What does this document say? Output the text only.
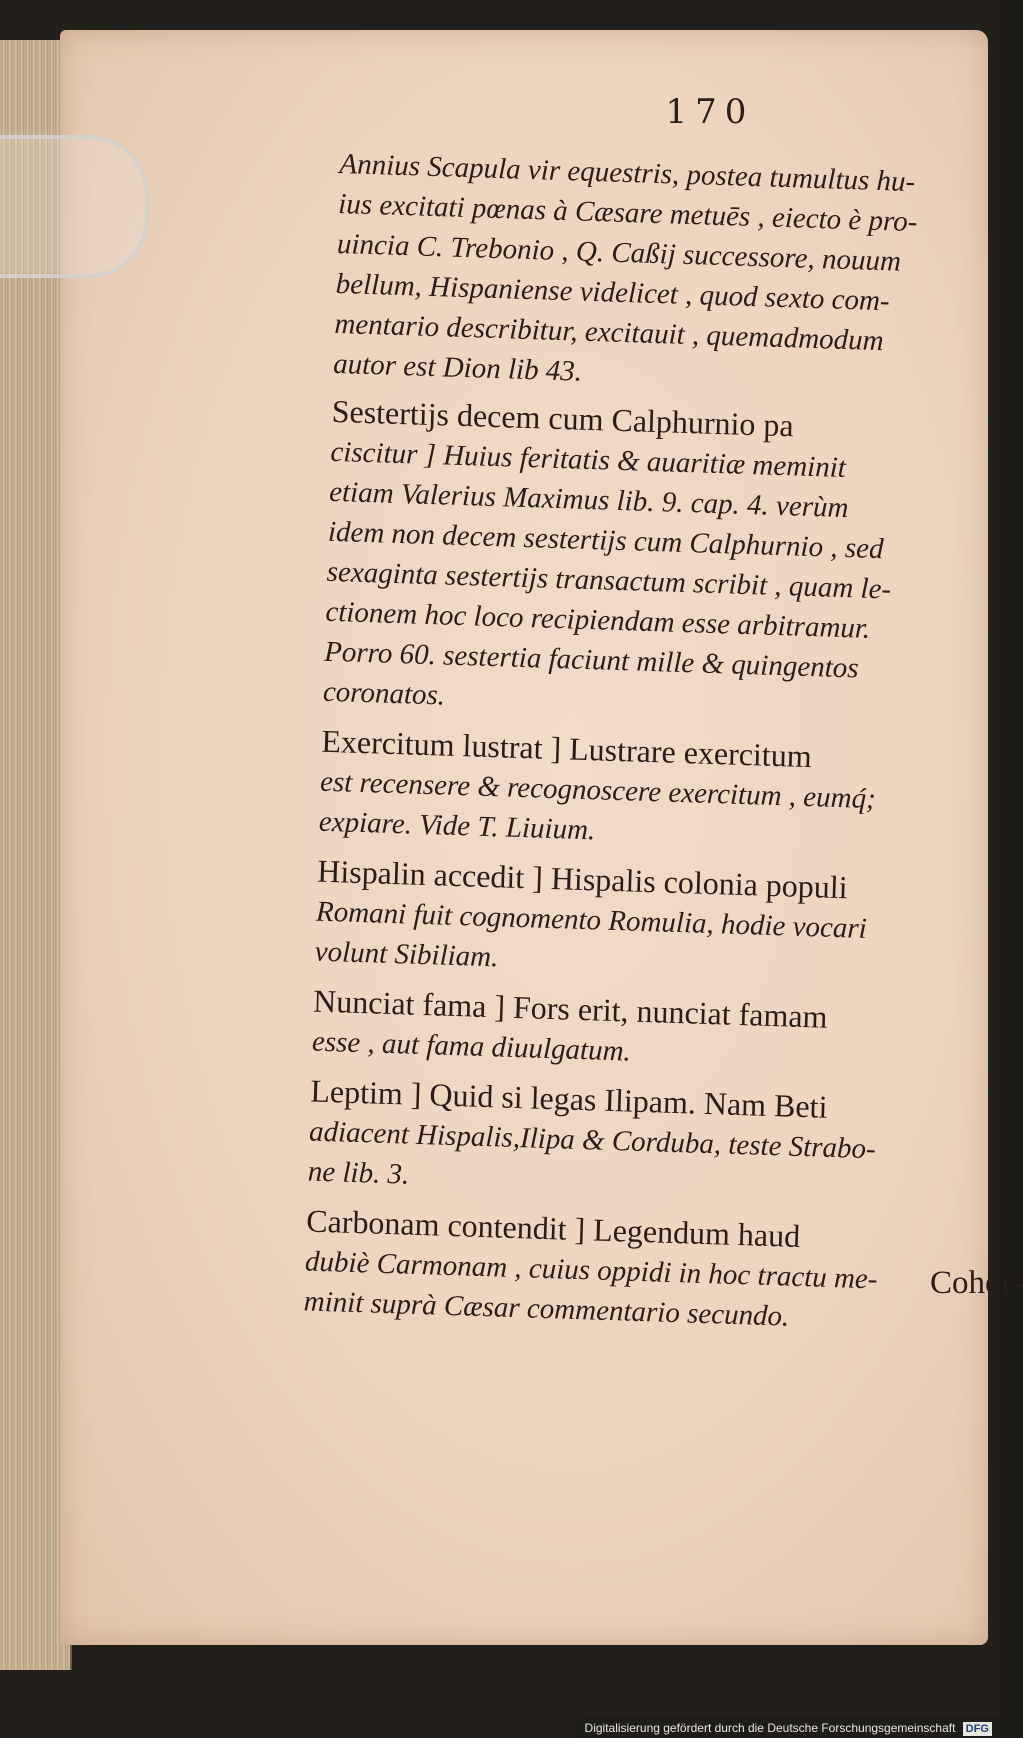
170
Annius Scapula vir equestris, postea tumultus hu-
ius excitati pœnas à Cæsare metuēs , eiecto è pro-
uincia C. Trebonio , Q. Caßij successore, nouum
bellum, Hispaniense videlicet , quod sexto com-
mentario describitur, excitauit , quemadmodum
autor est Dion lib 43.
Sestertijs decem cum Calphurnio pa
ciscitur ] Huius feritatis & auaritiæ meminit
etiam Valerius Maximus lib. 9. cap. 4. verùm
idem non decem sestertijs cum Calphurnio , sed
sexaginta sestertijs transactum scribit , quam le-
ctionem hoc loco recipiendam esse arbitramur.
Porro 60. sestertia faciunt mille & quingentos
coronatos.
Exercitum lustrat ] Lustrare exercitum
est recensere & recognoscere exercitum , eumq́;
expiare. Vide T. Liuium.
Hispalin accedit ] Hispalis colonia populi
Romani fuit cognomento Romulia, hodie vocari
volunt Sibiliam.
Nunciat fama ] Fors erit, nunciat famam
esse , aut fama diuulgatum.
Leptim ] Quid si legas Ilipam. Nam Beti
adiacent Hispalis,Ilipa & Corduba, teste Strabo-
ne lib. 3.
Carbonam contendit ] Legendum haud
dubiè Carmonam , cuius oppidi in hoc tractu me-
minit suprà Cæsar commentario secundo.
Cohor-
Digitalisierung gefördert durch die Deutsche Forschungsgemeinschaft DFG
